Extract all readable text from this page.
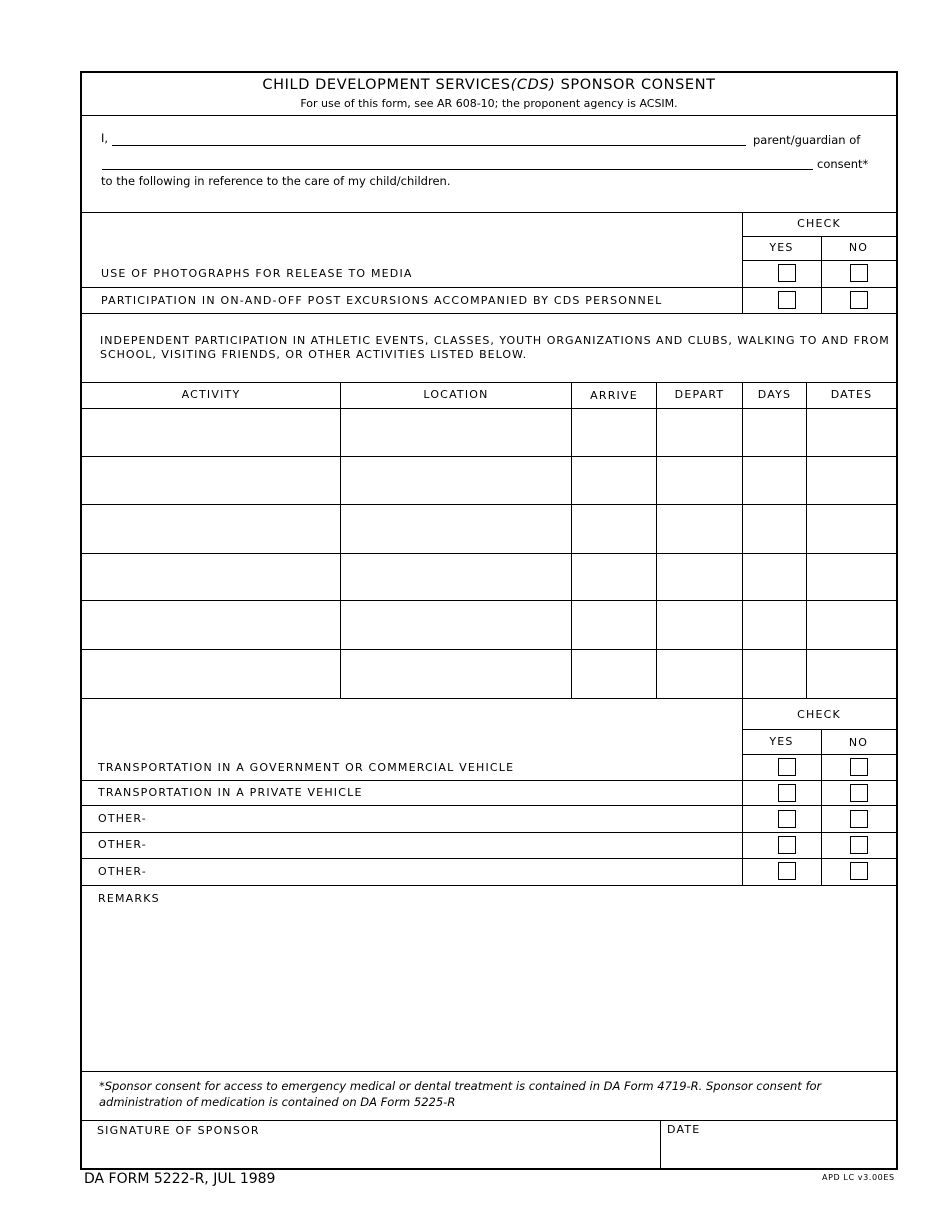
CHILD DEVELOPMENT SERVICES(CDS) SPONSOR CONSENT
For use of this form, see AR 608-10; the proponent agency is ACSIM.
I,	parent/guardian of
consent*
to the following in reference to the care of my child/children.
CHECK
YES	NO
USE OF PHOTOGRAPHS FOR RELEASE TO MEDIA
PARTICIPATION IN ON-AND-OFF POST EXCURSIONS ACCOMPANIED BY CDS PERSONNEL
INDEPENDENT PARTICIPATION IN ATHLETIC EVENTS, CLASSES, YOUTH ORGANIZATIONS AND CLUBS, WALKING TO AND FROM
SCHOOL, VISITING FRIENDS, OR OTHER ACTIVITIES LISTED BELOW.
ACTIVITY	LOCATION	ARRIVE	DEPART	DAYS	DATES
CHECK
YES	NO
TRANSPORTATION IN A GOVERNMENT OR COMMERCIAL VEHICLE
TRANSPORTATION IN A PRIVATE VEHICLE
OTHER-
OTHER-
OTHER-
REMARKS
*Sponsor consent for access to emergency medical or dental treatment is contained in DA Form 4719-R. Sponsor consent for
administration of medication is contained on DA Form 5225-R
SIGNATURE OF SPONSOR	DATE
DA FORM 5222-R, JUL 1989	APD LC v3.00ES
